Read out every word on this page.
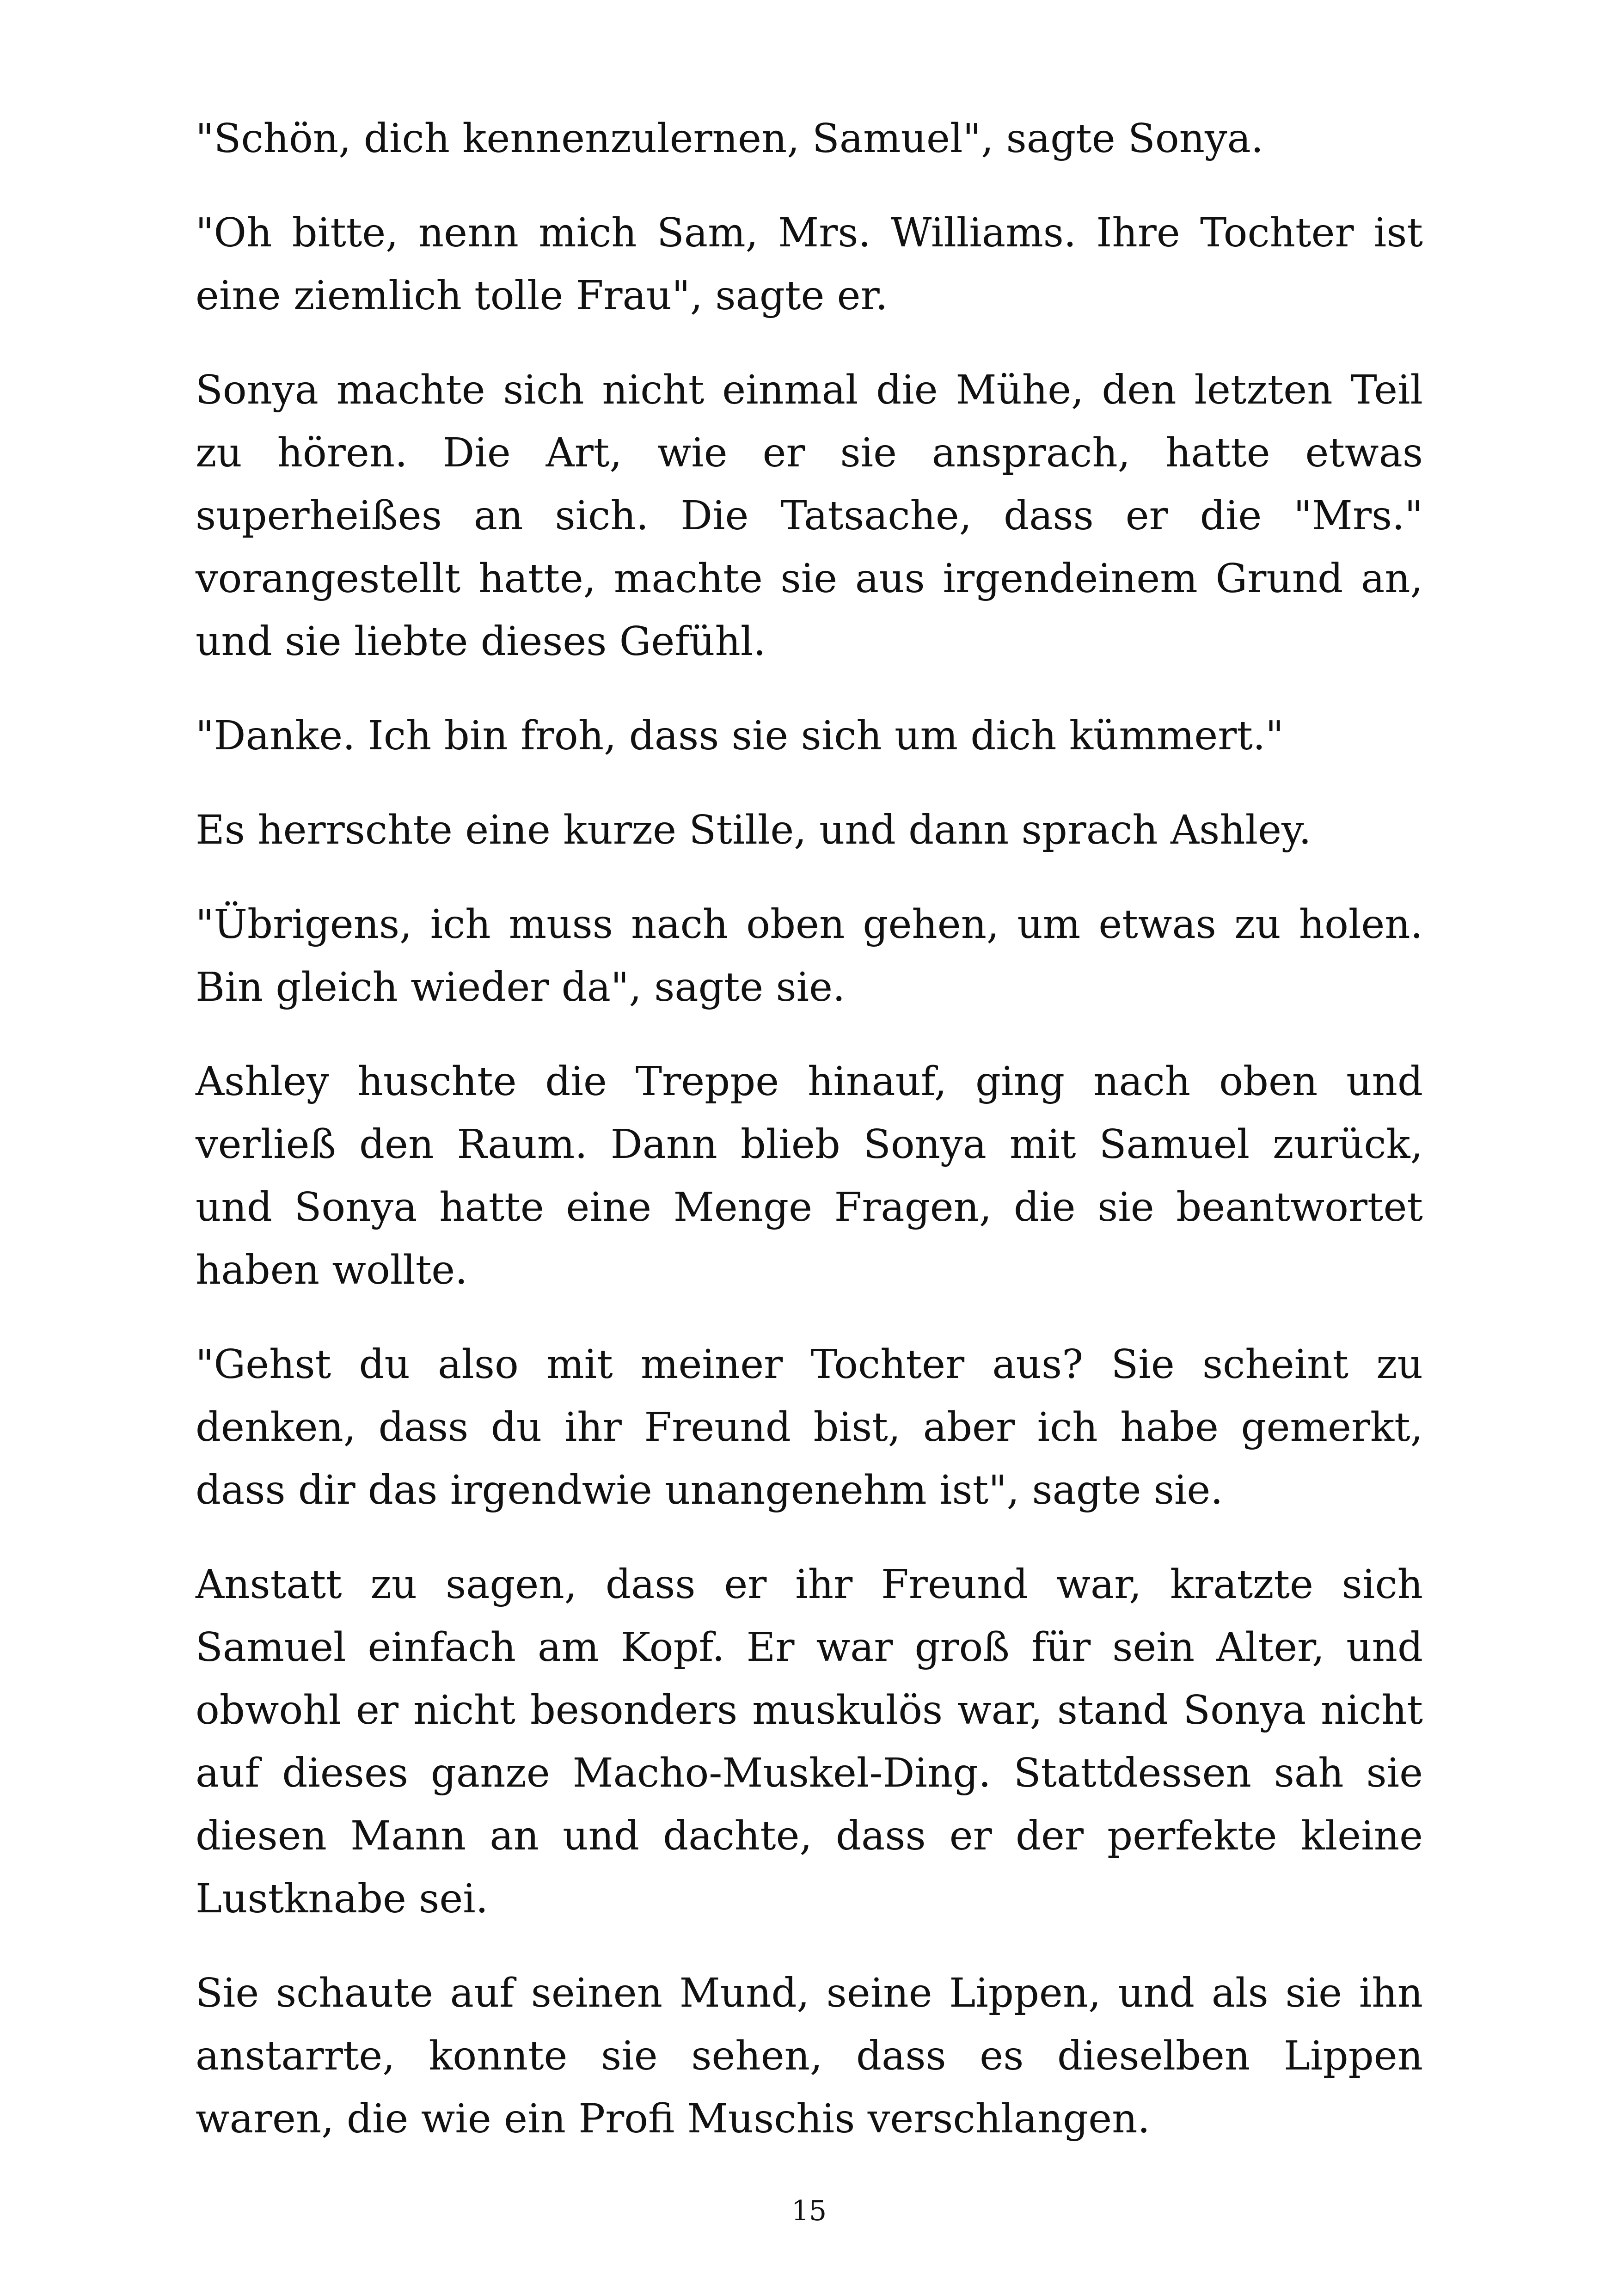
"Schön, dich kennenzulernen, Samuel", sagte Sonya.

"Oh bitte, nenn mich Sam, Mrs. Williams. Ihre Tochter ist eine ziemlich tolle Frau", sagte er.

Sonya machte sich nicht einmal die Mühe, den letzten Teil zu hören. Die Art, wie er sie ansprach, hatte etwas superheißes an sich. Die Tatsache, dass er die "Mrs." vorangestellt hatte, machte sie aus irgendeinem Grund an, und sie liebte dieses Gefühl.

"Danke. Ich bin froh, dass sie sich um dich kümmert."

Es herrschte eine kurze Stille, und dann sprach Ashley.

"Übrigens, ich muss nach oben gehen, um etwas zu holen. Bin gleich wieder da", sagte sie.

Ashley huschte die Treppe hinauf, ging nach oben und verließ den Raum. Dann blieb Sonya mit Samuel zurück, und Sonya hatte eine Menge Fragen, die sie beantwortet haben wollte.

"Gehst du also mit meiner Tochter aus? Sie scheint zu denken, dass du ihr Freund bist, aber ich habe gemerkt, dass dir das irgendwie unangenehm ist", sagte sie.

Anstatt zu sagen, dass er ihr Freund war, kratzte sich Samuel einfach am Kopf. Er war groß für sein Alter, und obwohl er nicht besonders muskulös war, stand Sonya nicht auf dieses ganze Macho-Muskel-Ding. Stattdessen sah sie diesen Mann an und dachte, dass er der perfekte kleine Lustknabe sei.

Sie schaute auf seinen Mund, seine Lippen, und als sie ihn anstarrte, konnte sie sehen, dass es dieselben Lippen waren, die wie ein Profi Muschis verschlangen.

15
